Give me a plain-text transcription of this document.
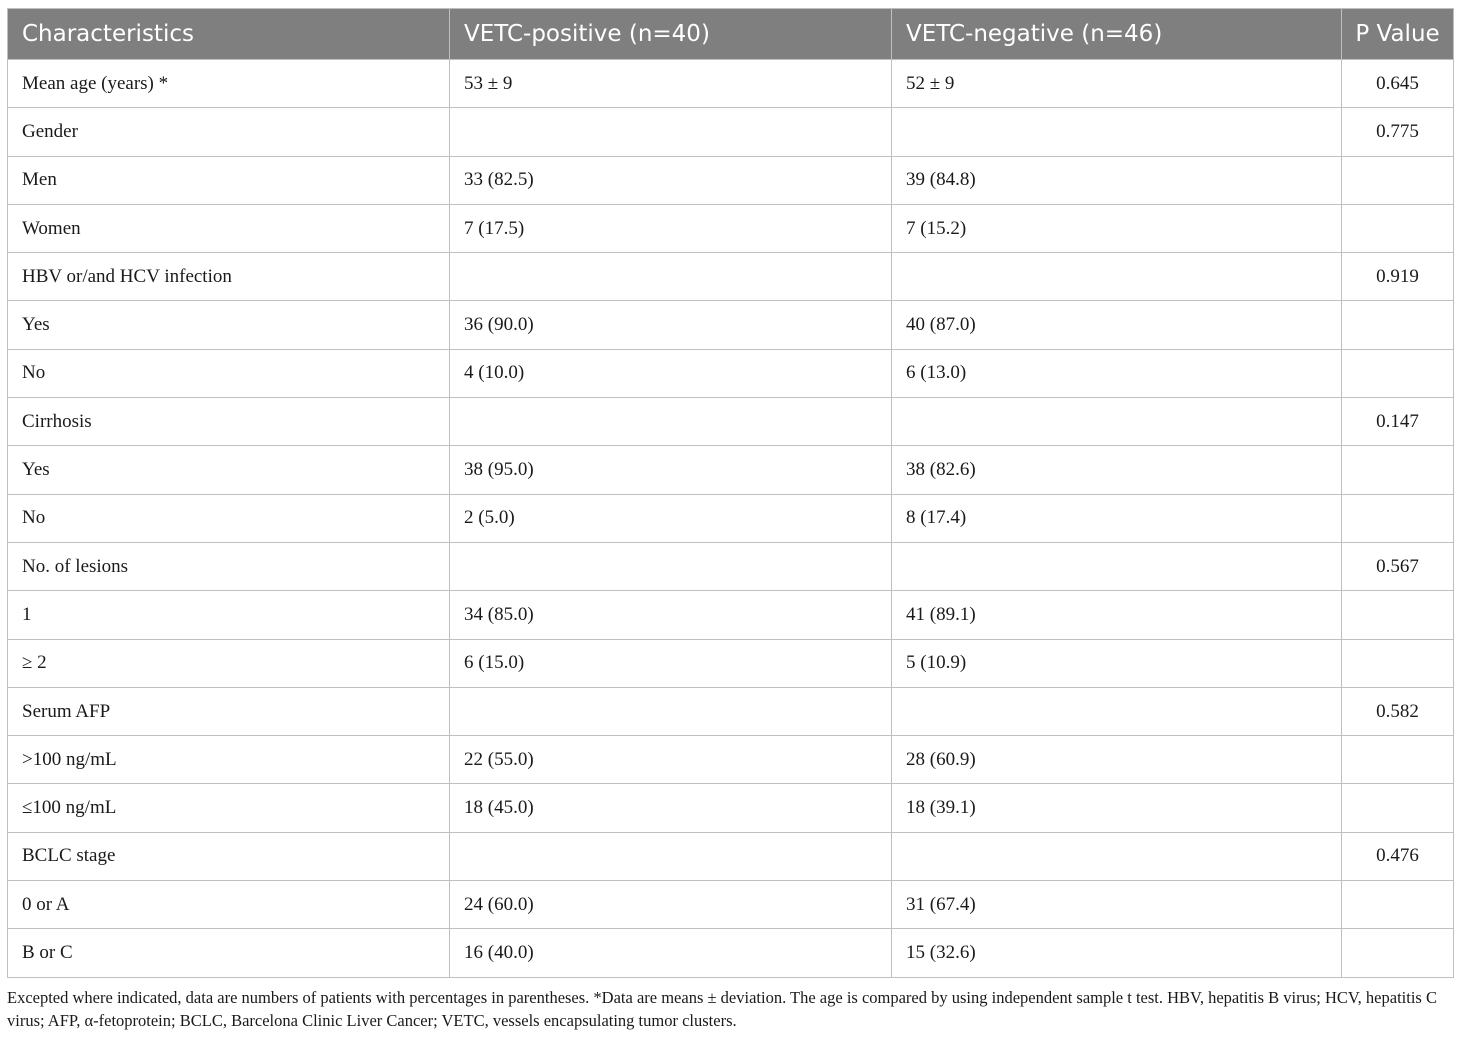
Characteristics	VETC-positive (n=40)	VETC-negative (n=46)	P Value
Mean age (years) *	53 ± 9	52 ± 9	0.645
Gender			0.775
Men	33 (82.5)	39 (84.8)	
Women	7 (17.5)	7 (15.2)	
HBV or/and HCV infection			0.919
Yes	36 (90.0)	40 (87.0)	
No	4 (10.0)	6 (13.0)	
Cirrhosis			0.147
Yes	38 (95.0)	38 (82.6)	
No	2 (5.0)	8 (17.4)	
No. of lesions			0.567
1	34 (85.0)	41 (89.1)	
≥ 2	6 (15.0)	5 (10.9)	
Serum AFP			0.582
>100 ng/mL	22 (55.0)	28 (60.9)	
≤100 ng/mL	18 (45.0)	18 (39.1)	
BCLC stage			0.476
0 or A	24 (60.0)	31 (67.4)	
B or C	16 (40.0)	15 (32.6)	

Excepted where indicated, data are numbers of patients with percentages in parentheses. *Data are means ± deviation. The age is compared by using independent sample t test. HBV, hepatitis B virus; HCV, hepatitis C virus; AFP, α-fetoprotein; BCLC, Barcelona Clinic Liver Cancer; VETC, vessels encapsulating tumor clusters.
